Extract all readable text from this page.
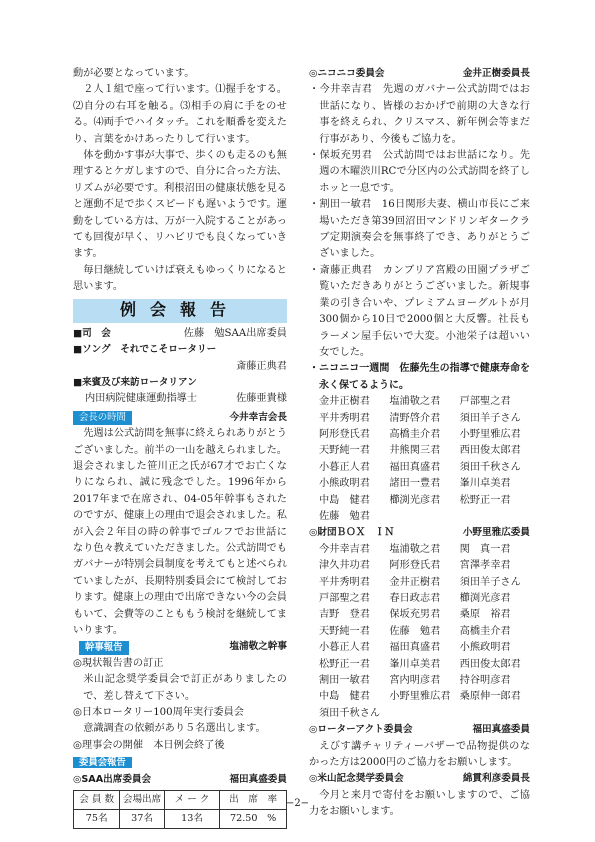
動が必要となっています。

２人１組で座って行います。⑴握手をする。⑵自分の右耳を触る。⑶相手の肩に手をのせる。⑷両手でハイタッチ。これを順番を変えたり、言葉をかけあったりして行います。

体を動かす事が大事で、歩くのも走るのも無理するとケガしますので、自分に合った方法、リズムが必要です。利根沼田の健康状態を見ると運動不足で歩くスピードも遅いようです。運動をしている方は、万が一入院することがあっても回復が早く、リハビリでも良くなっていきます。

毎日継続していけば衰えもゆっくりになると思います。

例会報告
■司　会	佐藤　勉SAA出席委員
■ソング　それでこそロータリー
斎藤正典君
■来賓及び来訪ロータリアン
内田病院健康運動指導士	佐藤亜貴様
会長の時間	今井幸吉会長

先週は公式訪問を無事に終えられありがとうございました。前半の一山を越えられました。退会されました笹川正之氏が67才でお亡くなりになられ、誠に残念でした。1996年から2017年まで在席され、04-05年幹事もされたのですが、健康上の理由で退会されました。私が入会２年目の時の幹事でゴルフでお世話になり色々教えていただきました。公式訪問でもガバナーが特別会員制度を考えてもと述べられていましたが、長期特別委員会にて検討しております。健康上の理由で出席できない今の会員もいて、会費等のことももう検討を継続してまいります。

幹事報告	塩浦敬之幹事
◎現状報告書の訂正

米山記念奨学委員会で訂正がありましたので、差し替えて下さい。

◎日本ロータリー100周年実行委員会

意識調査の依頼があり５名選出します。

◎理事会の開催　本日例会終了後
委員会報告
◎SAA出席委員会	福田真盛委員
会 員 数	会場出席	メ ー ク	出　席　率
75名	37名	13名	72.50　%
◎ニコニコ委員会	金井正樹委員長

・今井幸吉君　先週のガバナー公式訪問ではお世話になり、皆様のおかげで前期の大きな行事を終えられ、クリスマス、新年例会等まだ行事があり、今後もご協力を。

・保坂充男君　公式訪問ではお世話になり。先週の木曜渋川RCで分区内の公式訪問を終了しホッと一息です。

・割田一敏君　16日関形夫妻、横山市長にご来場いただき第39回沼田マンドリンギタークラブ定期演奏会を無事終了でき、ありがとうございました。

・斎藤正典君　カンブリア宮殿の田園プラザご覧いただきありがとうございました。新規事業の引き合いや、プレミアムヨーグルトが月300個から10日で2000個と大反響。社長もラーメン屋手伝いで大変。小池栄子は超いい女でした。

・ニコニコ一週間　佐藤先生の指導で健康寿命を永く保てるように。

金井正樹君	塩浦敬之君	戸部聖之君
平井秀明君	清野啓介君	須田羊子さん
阿形登氏君	高橋圭介君	小野里雅広君
天野純一君	井熊関三君	西田俊太郎君
小暮正人君	福田真盛君	須田千秋さん
小熊政明君	諸田一豊君	峯川卓美君
中島　健君	櫛渕光彦君	松野正一君
佐藤　勉君
◎財団ＢＯＸ　ＩＮ	小野里雅広委員
今井幸吉君	塩浦敬之君	関　真一君
津久井功君	阿形登氏君	宮澤孝幸君
平井秀明君	金井正樹君	須田羊子さん
戸部聖之君	春日政志君	櫛渕光彦君
吉野　登君	保坂充男君	桑原　裕君
天野純一君	佐藤　勉君	高橋圭介君
小暮正人君	福田真盛君	小熊政明君
松野正一君	峯川卓美君	西田俊太郎君
割田一敏君	宮内明彦君	持谷明彦君
中島　健君	小野里雅広君 桑原伸一郎君
須田千秋さん
◎ローターアクト委員会	福田真盛委員

えびす講チャリティーバザーで品物提供のなかった方は2000円のご協力をお願いします。

◎米山記念奨学委員会	綿貫利彦委員長

今月と来月で寄付をお願いしますので、ご協力をお願いします。

−2−
